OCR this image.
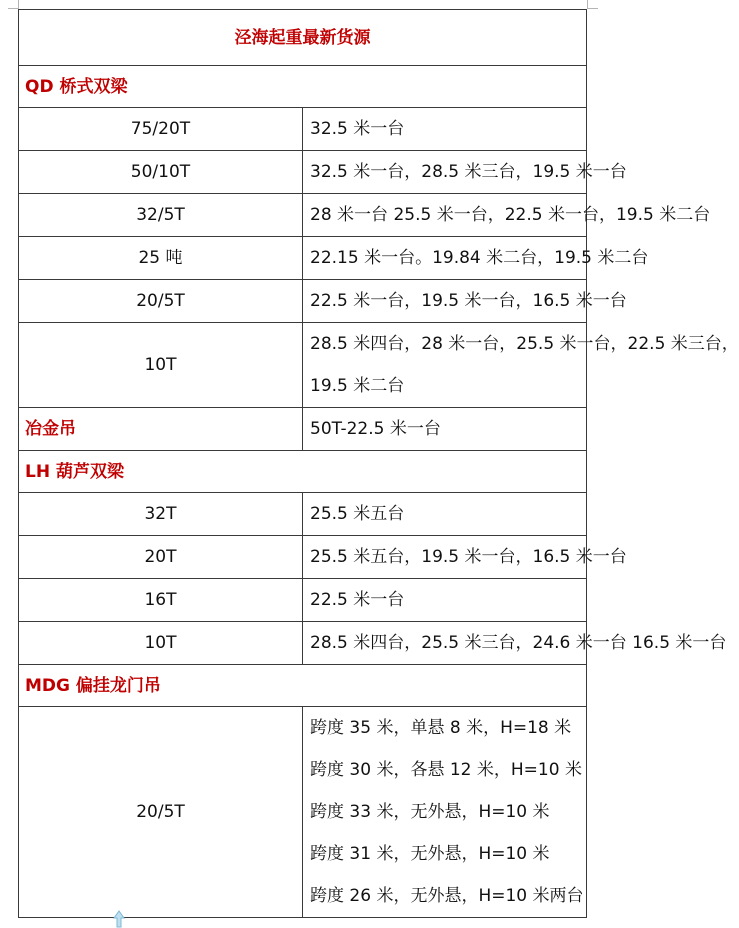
泾海起重最新货源	
QD 桥式双梁	
75/20T	32.5 米一台

50/10T	32.5 米一台，28.5 米三台，19.5 米一台

32/5T	28 米一台 25.5 米一台，22.5 米一台，19.5 米二台

25 吨	22.15 米一台。19.84 米二台，19.5 米二台

20/5T	22.5 米一台，19.5 米一台，16.5 米一台

10T	28.5 米四台，28 米一台，25.5 米一台，22.5 米三台，
19.5 米二台

冶金吊	50T-22.5 米一台

LH 葫芦双梁	
32T	25.5 米五台

20T	25.5 米五台，19.5 米一台，16.5 米一台

16T	22.5 米一台

10T	28.5 米四台，25.5 米三台，24.6 米一台 16.5 米一台

MDG 偏挂龙门吊	
20/5T	跨度 35 米，单悬 8 米，H=18 米
跨度 30 米，各悬 12 米，H=10 米
跨度 33 米，无外悬，H=10 米
跨度 31 米，无外悬，H=10 米
跨度 26 米，无外悬，H=10 米两台
